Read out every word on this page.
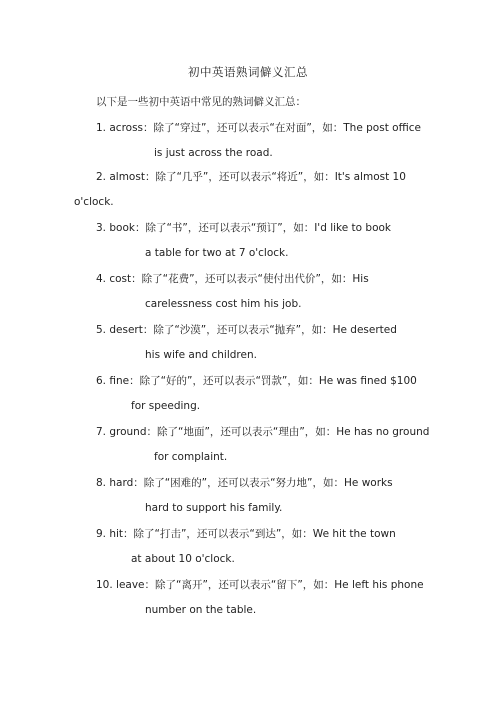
初中英语熟词僻义汇总
以下是一些初中英语中常见的熟词僻义汇总：
1. across：除了“穿过”，还可以表示“在对面”，如：The post office
is just across the road.
2. almost：除了“几乎”，还可以表示“将近”，如：It's almost 10
o'clock.
3. book：除了“书”，还可以表示“预订”，如：I'd like to book
a table for two at 7 o'clock.
4. cost：除了“花费”，还可以表示“使付出代价”，如：His
carelessness cost him his job.
5. desert：除了“沙漠”，还可以表示“抛弃”，如：He deserted
his wife and children.
6. fine：除了“好的”，还可以表示“罚款”，如：He was fined $100
for speeding.
7. ground：除了“地面”，还可以表示“理由”，如：He has no ground
for complaint.
8. hard：除了“困难的”，还可以表示“努力地”，如：He works
hard to support his family.
9. hit：除了“打击”，还可以表示“到达”，如：We hit the town
at about 10 o'clock.
10. leave：除了“离开”，还可以表示“留下”，如：He left his phone
number on the table.
